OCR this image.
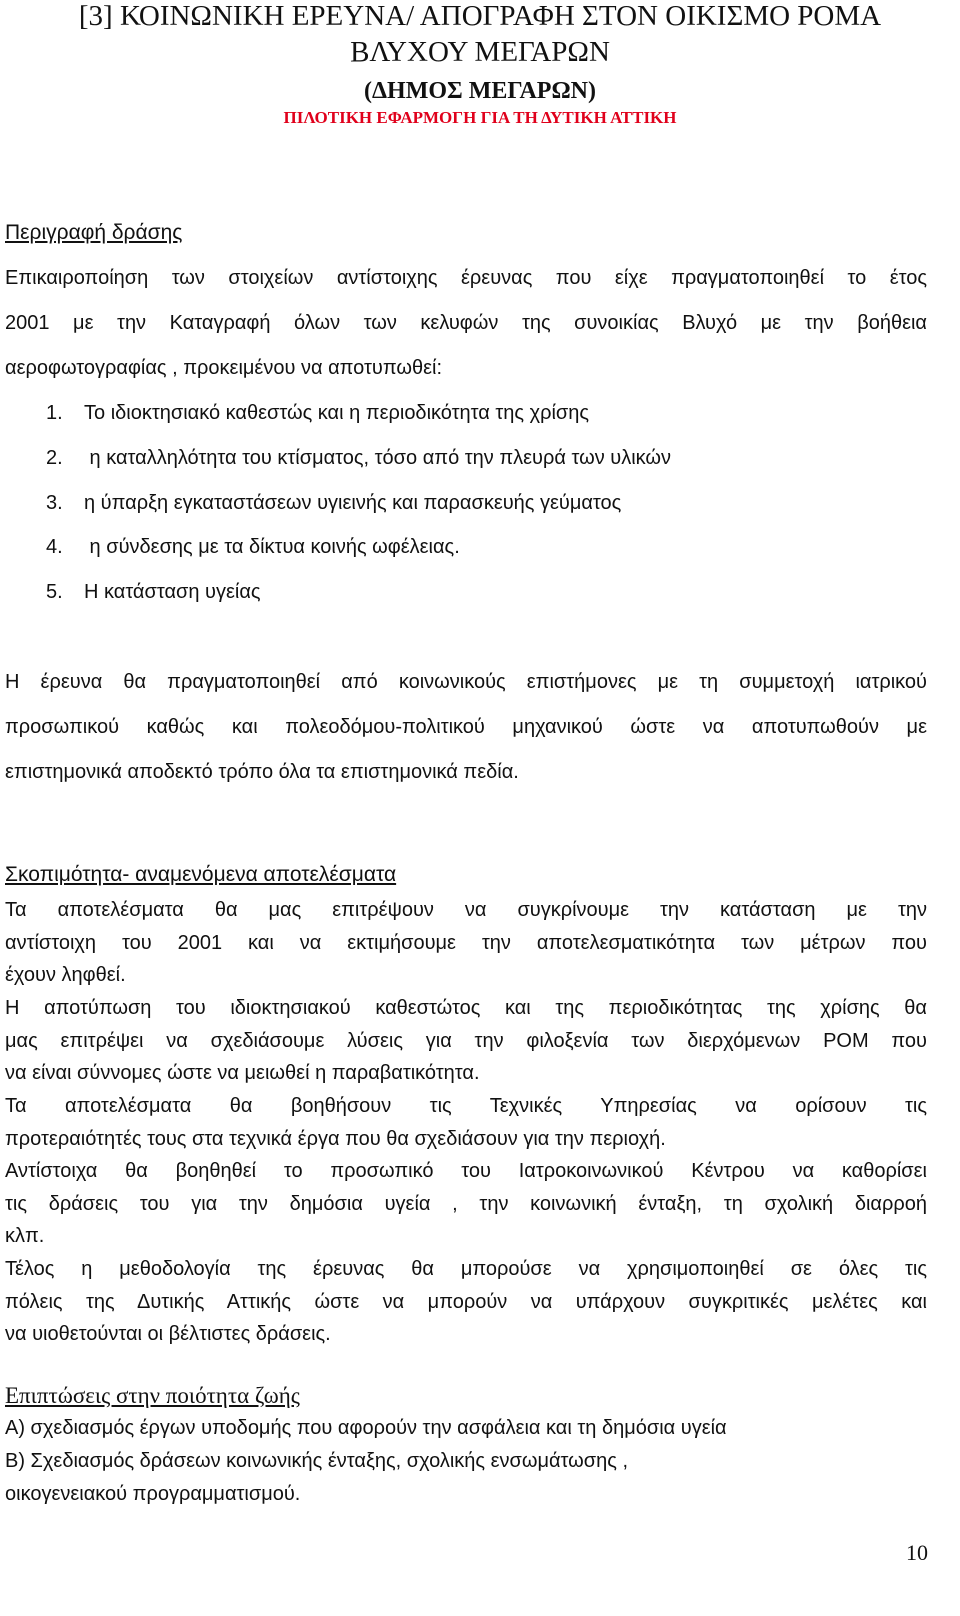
[3] ΚΟΙΝΩΝΙΚΗ ΕΡΕΥΝΑ/ ΑΠΟΓΡΑΦΗ ΣΤΟΝ ΟΙΚΙΣΜΟ ΡΟΜΑ
ΒΛΥΧΟΥ ΜΕΓΑΡΩΝ
(ΔΗΜΟΣ ΜΕΓΑΡΩΝ)
ΠΙΛΟΤΙΚΗ ΕΦΑΡΜΟΓΗ ΓΙΑ ΤΗ ΔΥΤΙΚΗ ΑΤΤΙΚΗ
Περιγραφή δράσης
Επικαιροποίηση των στοιχείων αντίστοιχης έρευνας που είχε πραγματοποιηθεί το έτος
2001 με την Καταγραφή όλων των κελυφών της συνοικίας Βλυχό με την βοήθεια
αεροφωτογραφίας , προκειμένου να αποτυπωθεί:
1. Το ιδιοκτησιακό καθεστώς και η περιοδικότητα της χρίσης
2. η καταλληλότητα του κτίσματος, τόσο από την πλευρά των υλικών
3. η ύπαρξη εγκαταστάσεων υγιεινής και παρασκευής γεύματος
4. η σύνδεσης με τα δίκτυα κοινής ωφέλειας.
5. Η κατάσταση υγείας
Η έρευνα θα πραγματοποιηθεί από κοινωνικούς επιστήμονες με τη συμμετοχή ιατρικού
προσωπικού καθώς και πολεοδόμου-πολιτικού μηχανικού ώστε να αποτυπωθούν με
επιστημονικά αποδεκτό τρόπο όλα τα επιστημονικά πεδία.
Σκοπιμότητα- αναμενόμενα αποτελέσματα
Τα αποτελέσματα θα μας επιτρέψουν να συγκρίνουμε την κατάσταση με την
αντίστοιχη του 2001 και να εκτιμήσουμε την αποτελεσματικότητα των μέτρων που
έχουν ληφθεί.
Η αποτύπωση του ιδιοκτησιακού καθεστώτος και της περιοδικότητας της χρίσης θα
μας επιτρέψει να σχεδιάσουμε λύσεις για την φιλοξενία των διερχόμενων ΡΟΜ που
να είναι σύννομες ώστε να μειωθεί η παραβατικότητα.
Τα αποτελέσματα θα βοηθήσουν τις Τεχνικές Υπηρεσίας να ορίσουν τις
προτεραιότητές τους στα τεχνικά έργα που θα σχεδιάσουν για την περιοχή.
Αντίστοιχα θα βοηθηθεί το προσωπικό του Ιατροκοινωνικού Κέντρου να καθορίσει
τις δράσεις του για την δημόσια υγεία , την κοινωνική ένταξη, τη σχολική διαρροή
κλπ.
Τέλος η μεθοδολογία της έρευνας θα μπορούσε να χρησιμοποιηθεί σε όλες τις
πόλεις της Δυτικής Αττικής ώστε να μπορούν να υπάρχουν συγκριτικές μελέτες και
να υιοθετούνται οι βέλτιστες δράσεις.
Επιπτώσεις στην ποιότητα ζωής
Α) σχεδιασμός έργων υποδομής που αφορούν την ασφάλεια και τη δημόσια υγεία
Β) Σχεδιασμός δράσεων κοινωνικής ένταξης, σχολικής ενσωμάτωσης ,
οικογενειακού προγραμματισμού.
10
